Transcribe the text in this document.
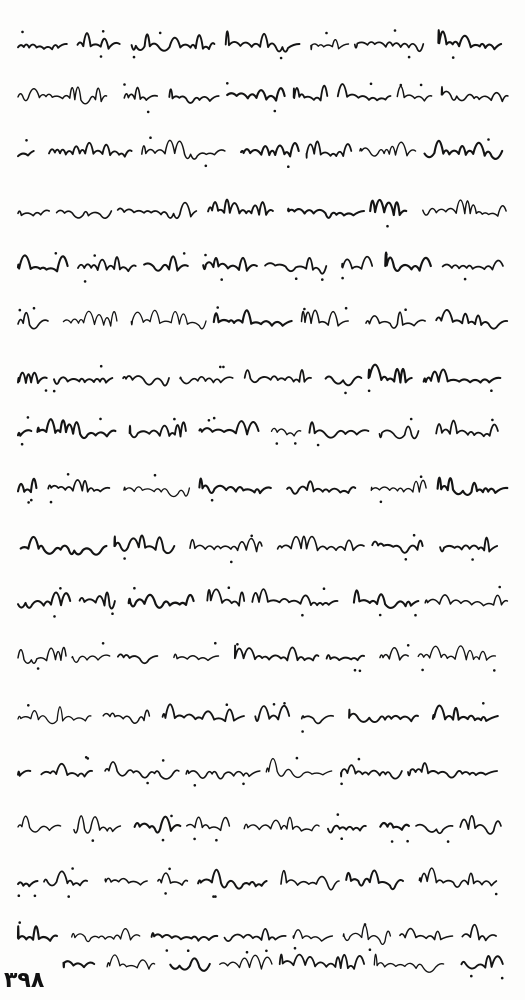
۳۹۸
